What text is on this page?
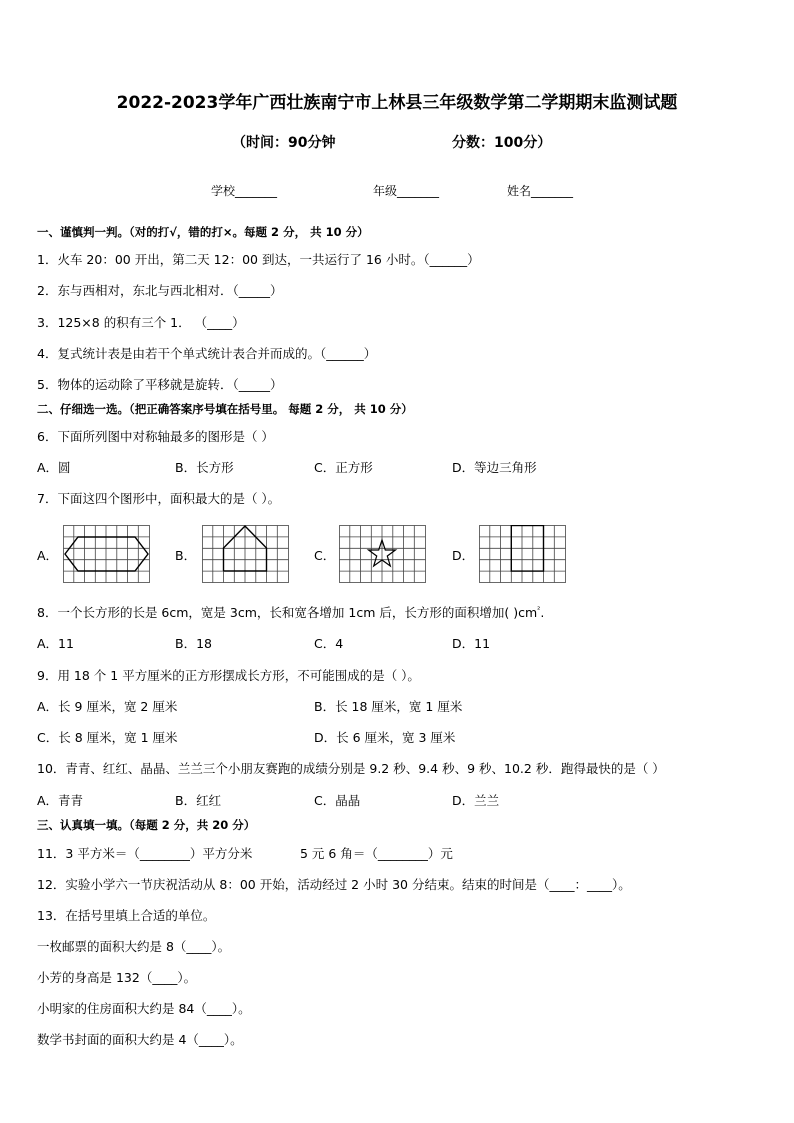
2022-2023学年广西壮族南宁市上林县三年级数学第二学期期末监测试题
（时间：90分钟	分数：100分）
学校_______	年级_______	姓名_______
一、谨慎判一判。（对的打√，错的打×。每题 2 分， 共 10 分）
1．火车 20：00 开出，第二天 12：00 到达，一共运行了 16 小时。（______）
2．东与西相对，东北与西北相对．（_____）
3．125×8 的积有三个 1． （____）
4．复式统计表是由若干个单式统计表合并而成的。（______）
5．物体的运动除了平移就是旋转．（_____）
二、仔细选一选。（把正确答案序号填在括号里。 每题 2 分， 共 10 分）
6．下面所列图中对称轴最多的图形是（ ）
A．圆	B．长方形	C．正方形	D．等边三角形
7．下面这四个图形中，面积最大的是（ ）。
A．	B．	C．	D．
8．一个长方形的长是 6cm，宽是 3cm，长和宽各增加 1cm 后，长方形的面积增加( )$cm^{^2}$.
A．11	B．18	C．4	D．11
9．用 18 个 1 平方厘米的正方形摆成长方形，不可能围成的是（ ）。
A．长 9 厘米，宽 2 厘米	B．长 18 厘米，宽 1 厘米
C．长 8 厘米，宽 1 厘米	D．长 6 厘米，宽 3 厘米
10．青青、红红、晶晶、兰兰三个小朋友赛跑的成绩分别是 9.2 秒、9.4 秒、9 秒、10.2 秒．跑得最快的是（ ）
A．青青	B．红红	C．晶晶	D．兰兰
三、认真填一填。（每题 2 分，共 20 分）
11．3 平方米＝（________）平方分米	5 元 6 角＝（________）元
12．实验小学六一节庆祝活动从 8：00 开始，活动经过 2 小时 30 分结束。结束的时间是（____：____）。
13．在括号里填上合适的单位。
一枚邮票的面积大约是 8（____）。
小芳的身高是 132（____）。
小明家的住房面积大约是 84（____）。
数学书封面的面积大约是 4（____）。
